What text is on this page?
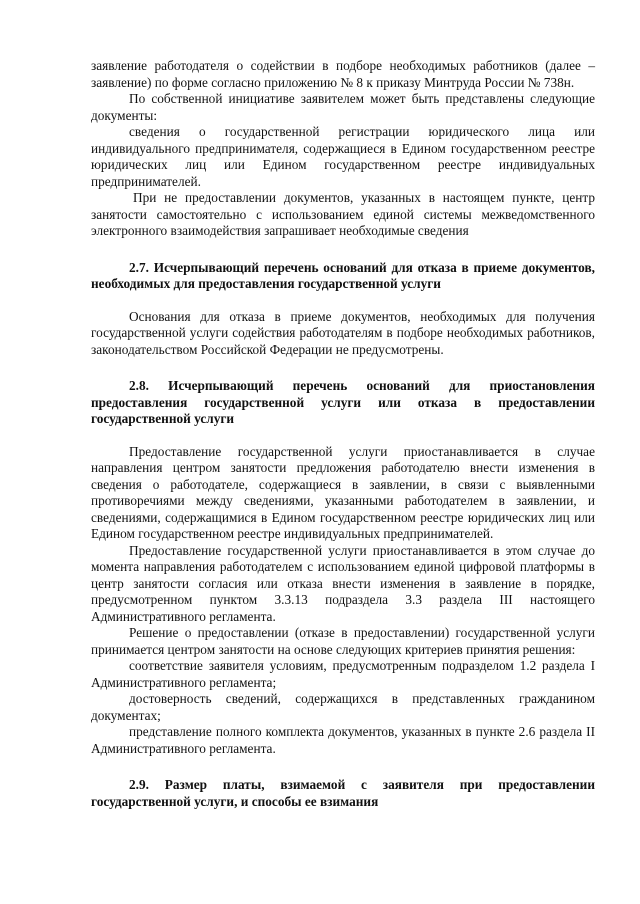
заявление работодателя о содействии в подборе необходимых работников (далее – заявление) по форме согласно приложению № 8 к приказу Минтруда России № 738н.

По собственной инициативе заявителем может быть представлены следующие документы:

сведения о государственной регистрации юридического лица или индивидуального предпринимателя, содержащиеся в Едином государственном реестре юридических лиц или Едином государственном реестре индивидуальных предпринимателей.

При не предоставлении документов, указанных в настоящем пункте, центр занятости самостоятельно с использованием единой системы межведомственного электронного взаимодействия запрашивает необходимые сведения

2.7. Исчерпывающий перечень оснований для отказа в приеме документов, необходимых для предоставления государственной услуги

Основания для отказа в приеме документов, необходимых для получения государственной услуги содействия работодателям в подборе необходимых работников, законодательством Российской Федерации не предусмотрены.

2.8. Исчерпывающий перечень оснований для приостановления предоставления государственной услуги или отказа в предоставлении государственной услуги

Предоставление государственной услуги приостанавливается в случае направления центром занятости предложения работодателю внести изменения в сведения о работодателе, содержащиеся в заявлении, в связи с выявленными противоречиями между сведениями, указанными работодателем в заявлении, и сведениями, содержащимися в Едином государственном реестре юридических лиц или Едином государственном реестре индивидуальных предпринимателей.

Предоставление государственной услуги приостанавливается в этом случае до момента направления работодателем с использованием единой цифровой платформы в центр занятости согласия или отказа внести изменения в заявление в порядке, предусмотренном пунктом 3.3.13 подраздела 3.3 раздела III настоящего Административного регламента.

Решение о предоставлении (отказе в предоставлении) государственной услуги принимается центром занятости на основе следующих критериев принятия решения:

соответствие заявителя условиям, предусмотренным подразделом 1.2 раздела I Административного регламента;

достоверность сведений, содержащихся в представленных гражданином документах;

представление полного комплекта документов, указанных в пункте 2.6 раздела II Административного регламента.

2.9. Размер платы, взимаемой с заявителя при предоставлении государственной услуги, и способы ее взимания
